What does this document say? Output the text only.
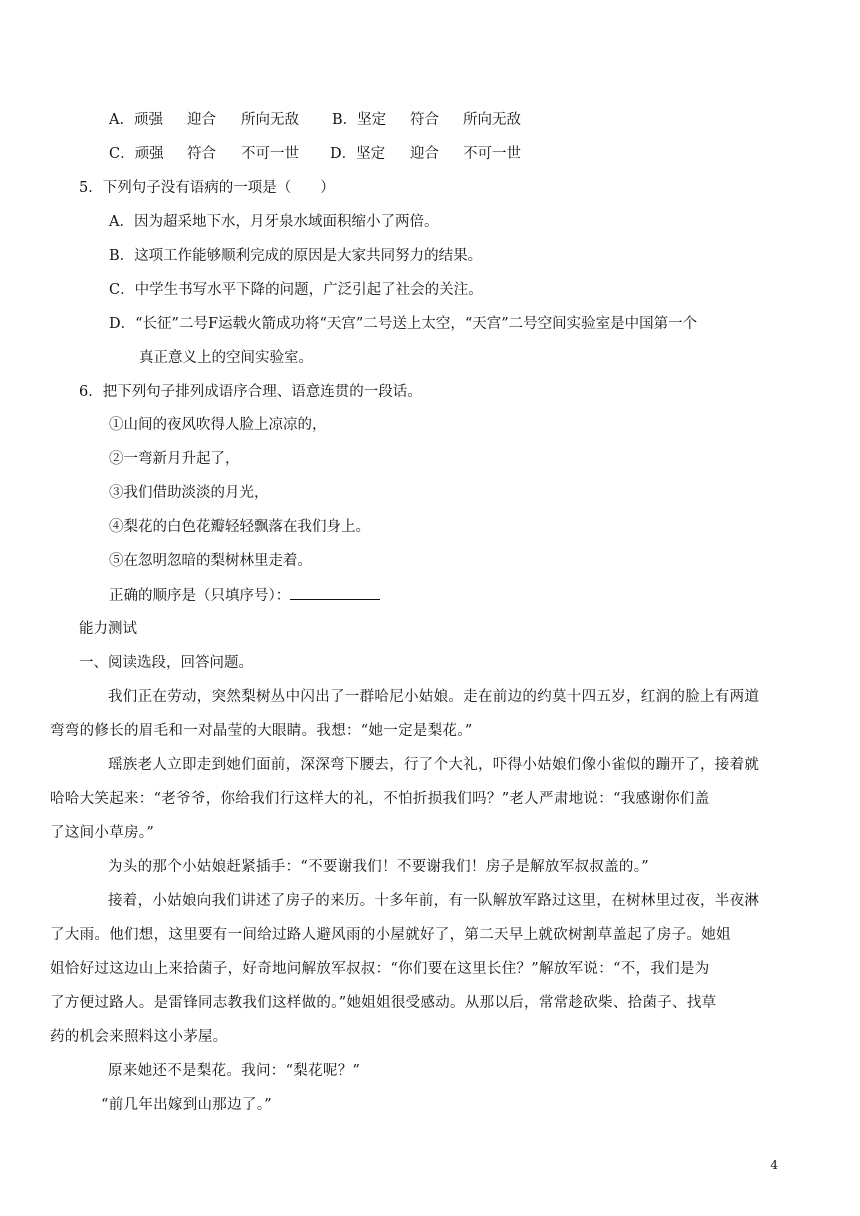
A．顽强 迎合 所向无敌 B．坚定 符合 所向无敌
C．顽强 符合 不可一世 D．坚定 迎合 不可一世
5．下列句子没有语病的一项是（　　）
A．因为超采地下水，月牙泉水域面积缩小了两倍。
B．这项工作能够顺利完成的原因是大家共同努力的结果。
C．中学生书写水平下降的问题，广泛引起了社会的关注。
D．“长征”二号F运载火箭成功将“天宫”二号送上太空，“天宫”二号空间实验室是中国第一个
真正意义上的空间实验室。
6．把下列句子排列成语序合理、语意连贯的一段话。
①山间的夜风吹得人脸上凉凉的，
②一弯新月升起了，
③我们借助淡淡的月光，
④梨花的白色花瓣轻轻飘落在我们身上。
⑤在忽明忽暗的梨树林里走着。
正确的顺序是（只填序号）：
能力测试
一、阅读选段，回答问题。
我们正在劳动，突然梨树丛中闪出了一群哈尼小姑娘。走在前边的约莫十四五岁，红润的脸上有两道
弯弯的修长的眉毛和一对晶莹的大眼睛。我想：“她一定是梨花。”
瑶族老人立即走到她们面前，深深弯下腰去，行了个大礼，吓得小姑娘们像小雀似的蹦开了，接着就
哈哈大笑起来：“老爷爷，你给我们行这样大的礼，不怕折损我们吗？”老人严肃地说：“我感谢你们盖
了这间小草房。”
为头的那个小姑娘赶紧插手：“不要谢我们！不要谢我们！房子是解放军叔叔盖的。”
接着，小姑娘向我们讲述了房子的来历。十多年前，有一队解放军路过这里，在树林里过夜，半夜淋
了大雨。他们想，这里要有一间给过路人避风雨的小屋就好了，第二天早上就砍树割草盖起了房子。她姐
姐恰好过这边山上来拾菌子，好奇地问解放军叔叔：“你们要在这里长住？”解放军说：“不，我们是为
了方便过路人。是雷锋同志教我们这样做的。”她姐姐很受感动。从那以后，常常趁砍柴、拾菌子、找草
药的机会来照料这小茅屋。
原来她还不是梨花。我问：“梨花呢？”
“前几年出嫁到山那边了。”
4
